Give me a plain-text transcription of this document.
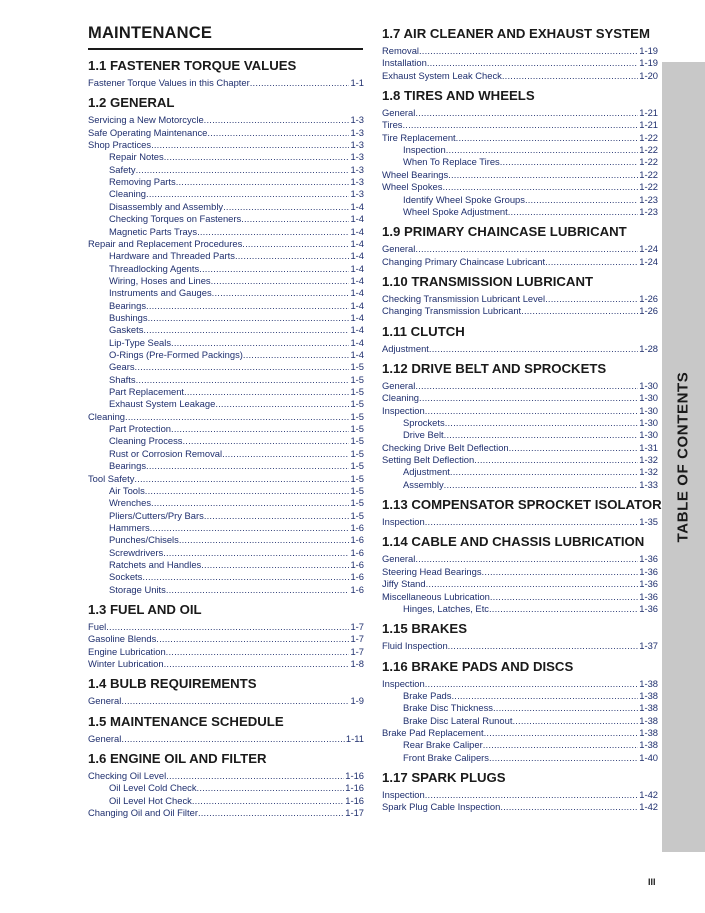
MAINTENANCE
1.1 FASTENER TORQUE VALUES
Fastener Torque Values in this Chapter .....	1-1
1.2 GENERAL
Servicing a New Motorcycle .....	1-3
Safe Operating Maintenance .....	1-3
Shop Practices .....	1-3
Repair Notes .....	1-3
Safety .....	1-3
Removing Parts .....	1-3
Cleaning .....	1-3
Disassembly and Assembly .....	1-4
Checking Torques on Fasteners .....	1-4
Magnetic Parts Trays .....	1-4
Repair and Replacement Procedures .....	1-4
Hardware and Threaded Parts .....	1-4
Threadlocking Agents .....	1-4
Wiring, Hoses and Lines .....	1-4
Instruments and Gauges .....	1-4
Bearings .....	1-4
Bushings .....	1-4
Gaskets .....	1-4
Lip-Type Seals .....	1-4
O-Rings (Pre-Formed Packings) .....	1-4
Gears .....	1-5
Shafts .....	1-5
Part Replacement .....	1-5
Exhaust System Leakage .....	1-5
Cleaning .....	1-5
Part Protection .....	1-5
Cleaning Process .....	1-5
Rust or Corrosion Removal .....	1-5
Bearings .....	1-5
Tool Safety .....	1-5
Air Tools .....	1-5
Wrenches .....	1-5
Pliers/Cutters/Pry Bars .....	1-5
Hammers .....	1-6
Punches/Chisels .....	1-6
Screwdrivers .....	1-6
Ratchets and Handles .....	1-6
Sockets .....	1-6
Storage Units .....	1-6
1.3 FUEL AND OIL
Fuel .....	1-7
Gasoline Blends .....	1-7
Engine Lubrication .....	1-7
Winter Lubrication .....	1-8
1.4 BULB REQUIREMENTS
General .....	1-9
1.5 MAINTENANCE SCHEDULE
General .....	1-11
1.6 ENGINE OIL AND FILTER
Checking Oil Level .....	1-16
Oil Level Cold Check .....	1-16
Oil Level Hot Check .....	1-16
Changing Oil and Oil Filter .....	1-17
1.7 AIR CLEANER AND EXHAUST SYSTEM
Removal .....	1-19
Installation .....	1-19
Exhaust System Leak Check .....	1-20
1.8 TIRES AND WHEELS
General .....	1-21
Tires .....	1-21
Tire Replacement .....	1-22
Inspection .....	1-22
When To Replace Tires .....	1-22
Wheel Bearings .....	1-22
Wheel Spokes .....	1-22
Identify Wheel Spoke Groups .....	1-23
Wheel Spoke Adjustment .....	1-23
1.9 PRIMARY CHAINCASE LUBRICANT
General .....	1-24
Changing Primary Chaincase Lubricant .....	1-24
1.10 TRANSMISSION LUBRICANT
Checking Transmission Lubricant Level .....	1-26
Changing Transmission Lubricant .....	1-26
1.11 CLUTCH
Adjustment .....	1-28
1.12 DRIVE BELT AND SPROCKETS
General .....	1-30
Cleaning .....	1-30
Inspection .....	1-30
Sprockets .....	1-30
Drive Belt .....	1-30
Checking Drive Belt Deflection .....	1-31
Setting Belt Deflection .....	1-32
Adjustment .....	1-32
Assembly .....	1-33
1.13 COMPENSATOR SPROCKET ISOLATOR
Inspection .....	1-35
1.14 CABLE AND CHASSIS LUBRICATION
General .....	1-36
Steering Head Bearings .....	1-36
Jiffy Stand .....	1-36
Miscellaneous Lubrication .....	1-36
Hinges, Latches, Etc .....	1-36
1.15 BRAKES
Fluid Inspection .....	1-37
1.16 BRAKE PADS AND DISCS
Inspection .....	1-38
Brake Pads .....	1-38
Brake Disc Thickness .....	1-38
Brake Disc Lateral Runout .....	1-38
Brake Pad Replacement .....	1-38
Rear Brake Caliper .....	1-38
Front Brake Calipers .....	1-40
1.17 SPARK PLUGS
Inspection .....	1-42
Spark Plug Cable Inspection .....	1-42
TABLE OF CONTENTS
III
